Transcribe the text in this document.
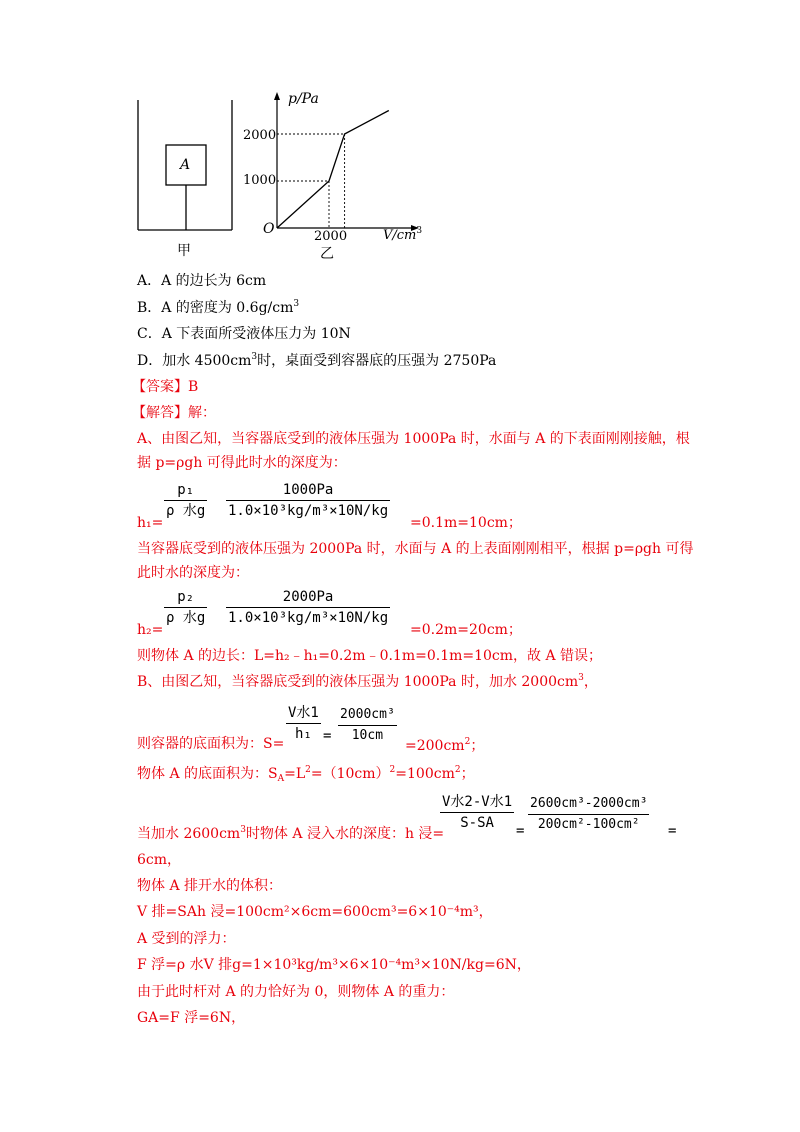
A
甲
p/Pa
2000
1000
O	2000	$V/cm^3$
乙
A．A 的边长为 6cm
B．A 的密度为 $0.6g/cm^3$
C．A 下表面所受液体压力为 10N
D．加水 $4500cm^3$时，桌面受到容器底的压强为 2750Pa
【答案】B
【解答】解：
A、由图乙知，当容器底受到的液体压强为 1000Pa 时，水面与 A 的下表面刚刚接触，根
据 p=ρgh 可得此时水的深度为：
h₁=
p₁
ρ 水g $\frac{1000Pa}{\text{1.0×10³kg/m³×10N/kg}}$
=0.1m=10cm；
当容器底受到的液体压强为 2000Pa 时，水面与 A 的上表面刚刚相平，根据 p=ρgh 可得
此时水的深度为：
h₂=
p₂
ρ 水g $\frac{2000Pa}{\text{1.0×10³kg/m³×10N/kg}}$
=0.2m=20cm；
则物体 A 的边长：L=h₂﹣h₁=0.2m﹣0.1m=0.1m=10cm，故 A 错误；
B、由图乙知，当容器底受到的液体压强为 1000Pa 时，加水 $2000cm^3$，
则容器的底面积为：S=
V水1
$h_1 = \frac{\text{2000cm³}}{10cm} =200cm^2$；
物体 A 的底面积为：$S_A=L^2=(10cm)^2=100cm^2$；
当加水 $2600cm^3$时物体 A 浸入水的深度：h 浸=
V水2-V水1
S-SA	= $\frac{\text{2600cm³-2000cm³}}{\text{200cm²-100cm²}}$ =
6cm，
物体 A 排开水的体积：
V 排=SAh 浸=100cm²×6cm=600cm³=6×10⁻⁴m³，
A 受到的浮力：
F 浮=ρ 水V 排g=1×10³kg/m³×6×10⁻⁴m³×10N/kg=6N，
由于此时杆对 A 的力恰好为 0，则物体 A 的重力：
GA=F 浮=6N，
